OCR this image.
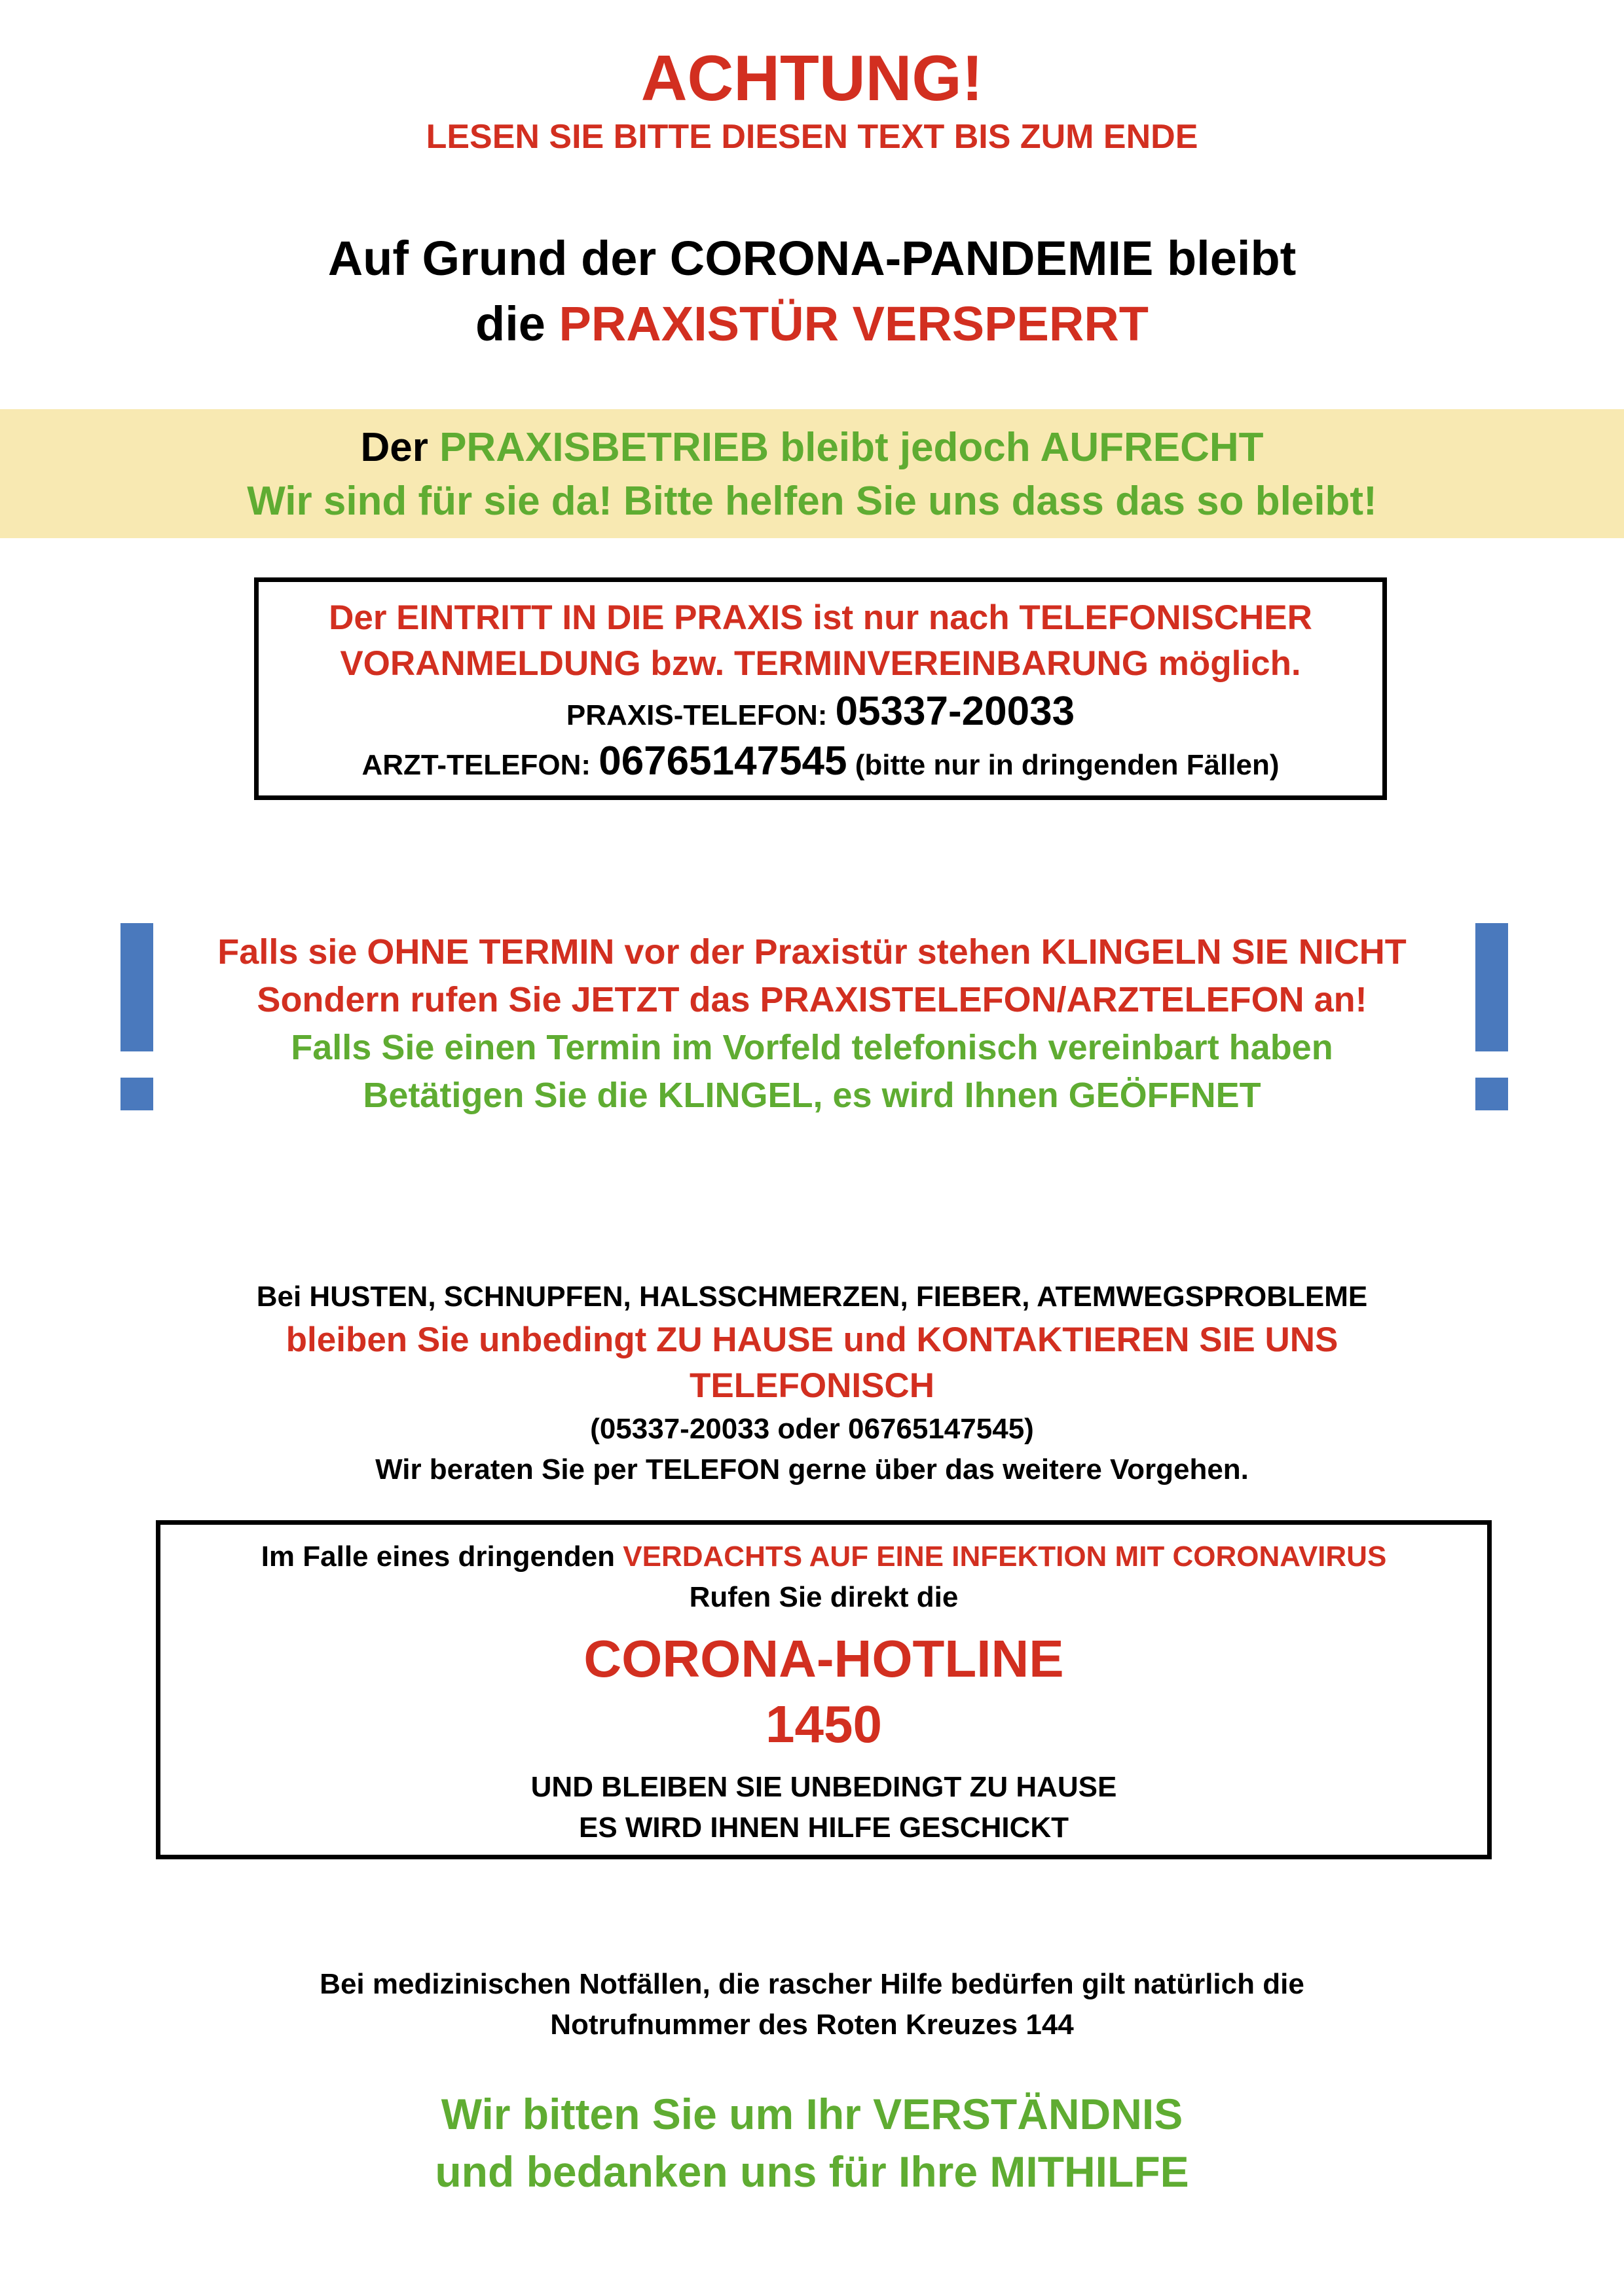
ACHTUNG!
LESEN SIE BITTE DIESEN TEXT BIS ZUM ENDE
Auf Grund der CORONA-PANDEMIE bleibt
die PRAXISTÜR VERSPERRT
Der PRAXISBETRIEB bleibt jedoch AUFRECHT
Wir sind für sie da! Bitte helfen Sie uns dass das so bleibt!
Der EINTRITT IN DIE PRAXIS ist nur nach TELEFONISCHER
VORANMELDUNG bzw. TERMINVEREINBARUNG möglich.
PRAXIS-TELEFON: 05337-20033
ARZT-TELEFON: 06765147545 (bitte nur in dringenden Fällen)
Falls sie OHNE TERMIN vor der Praxistür stehen KLINGELN SIE NICHT
Sondern rufen Sie JETZT das PRAXISTELEFON/ARZTELEFON an!
Falls Sie einen Termin im Vorfeld telefonisch vereinbart haben
Betätigen Sie die KLINGEL, es wird Ihnen GEÖFFNET
Bei HUSTEN, SCHNUPFEN, HALSSCHMERZEN, FIEBER, ATEMWEGSPROBLEME
bleiben Sie unbedingt ZU HAUSE und KONTAKTIEREN SIE UNS
TELEFONISCH
(05337-20033 oder 06765147545)
Wir beraten Sie per TELEFON gerne über das weitere Vorgehen.
Im Falle eines dringenden VERDACHTS AUF EINE INFEKTION MIT CORONAVIRUS
Rufen Sie direkt die
CORONA-HOTLINE
1450
UND BLEIBEN SIE UNBEDINGT ZU HAUSE
ES WIRD IHNEN HILFE GESCHICKT
Bei medizinischen Notfällen, die rascher Hilfe bedürfen gilt natürlich die
Notrufnummer des Roten Kreuzes 144
Wir bitten Sie um Ihr VERSTÄNDNIS
und bedanken uns für Ihre MITHILFE
